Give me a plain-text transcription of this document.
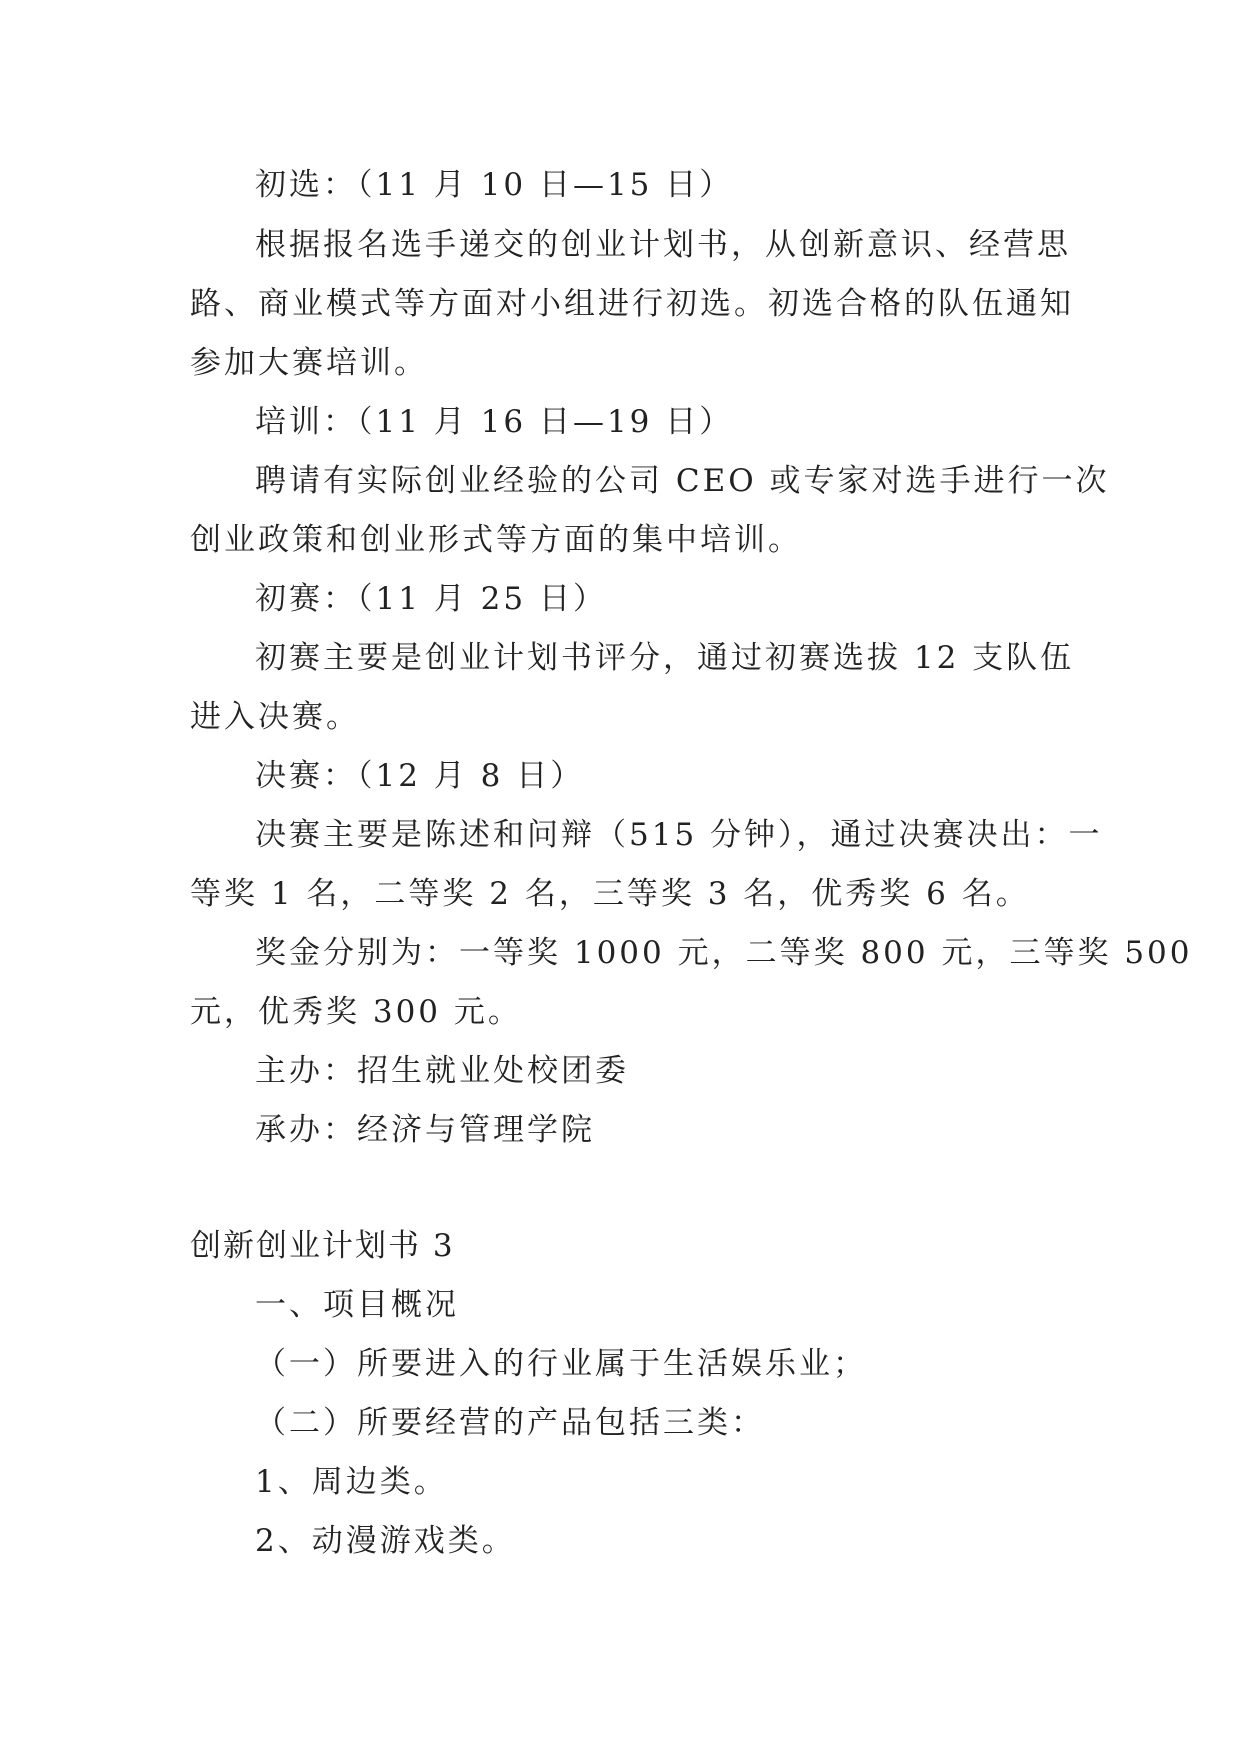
初选：（11 月 10 日—15 日）
根据报名选手递交的创业计划书，从创新意识、经营思
路、商业模式等方面对小组进行初选。初选合格的队伍通知
参加大赛培训。
培训：（11 月 16 日—19 日）
聘请有实际创业经验的公司 CEO 或专家对选手进行一次
创业政策和创业形式等方面的集中培训。
初赛：（11 月 25 日）
初赛主要是创业计划书评分，通过初赛选拔 12 支队伍
进入决赛。
决赛：（12 月 8 日）
决赛主要是陈述和问辩（515 分钟），通过决赛决出：一
等奖 1 名，二等奖 2 名，三等奖 3 名，优秀奖 6 名。
奖金分别为：一等奖 1000 元，二等奖 800 元，三等奖 500
元，优秀奖 300 元。
主办：招生就业处校团委
承办：经济与管理学院
创新创业计划书 3
一、项目概况
（一）所要进入的行业属于生活娱乐业；
（二）所要经营的产品包括三类：
1、周边类。
2、动漫游戏类。
